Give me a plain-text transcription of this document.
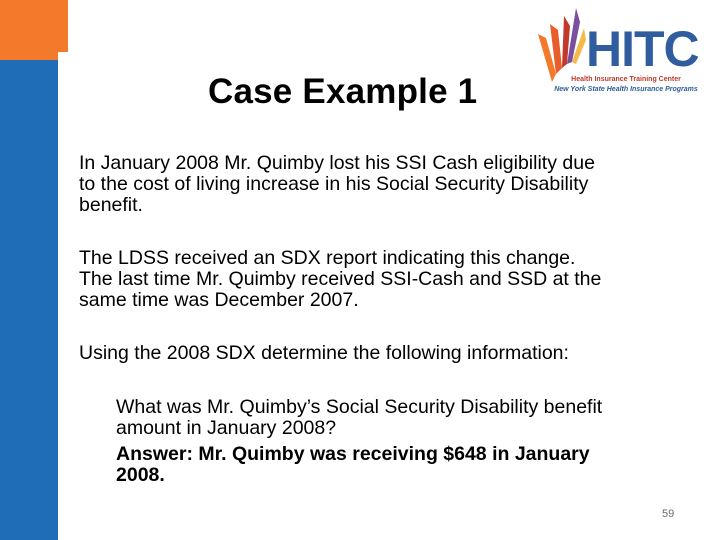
HITC
Health Insurance Training Center
New York State Health Insurance Programs
Case Example 1

In January 2008 Mr. Quimby lost his SSI Cash eligibility due
to the cost of living increase in his Social Security Disability
benefit.

The LDSS received an SDX report indicating this change.
The last time Mr. Quimby received SSI-Cash and SSD at the
same time was December 2007.

Using the 2008 SDX determine the following information:

What was Mr. Quimby’s Social Security Disability benefit
amount in January 2008?

Answer: Mr. Quimby was receiving $648 in January
2008.

59
